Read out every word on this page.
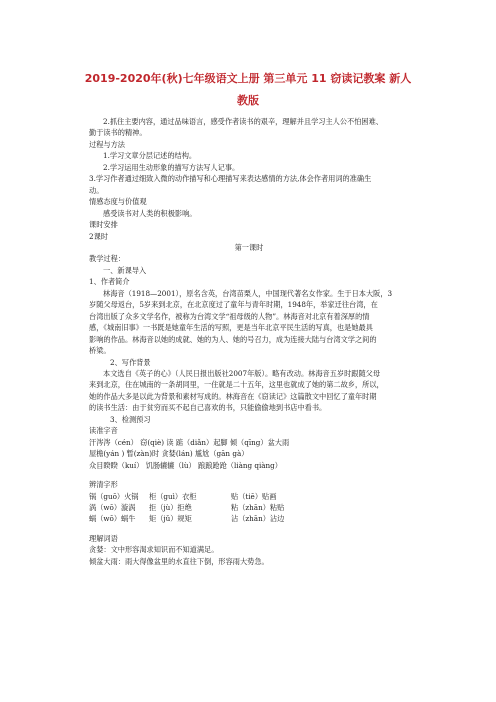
2019-2020年(秋)七年级语文上册 第三单元 11 窃读记教案 新人
教版

2.抓住主要内容，通过品味语言，感受作者读书的艰辛，理解并且学习主人公不怕困难、

勤于读书的精神。

过程与方法

1.学习文章分层记述的结构。

2.学习运用生动形象的描写方法写人记事。

3.学习作者通过细致入微的动作描写和心理描写来表达感情的方法,体会作者用词的准确生

动。

情感态度与价值观

感受读书对人类的积极影响。

课时安排

2课时

第一课时

教学过程：

一、新课导入

1、作者简介

林海音（1918—2001），原名含英，台湾苗栗人，中国现代著名女作家。生于日本大阪，3

岁随父母返台，5岁来到北京，在北京度过了童年与青年时期，1948年，举家迁往台湾，在

台湾出版了众多文学名作，被称为台湾文学“祖母级的人物”。林海音对北京有着深厚的情

感，《城南旧事》一书既是她童年生活的写照，更是当年北京平民生活的写真，也是她最具

影响的作品。林海音以她的成就、她的为人、她的号召力，成为连接大陆与台湾文学之间的

桥梁。

2、写作背景

本文选自《英子的心》（人民日报出版社2007年版）。略有改动。林海音五岁时跟随父母

来到北京，住在城南的一条胡同里，一住就是二十五年，这里也就成了她的第二故乡，所以，

她的作品大多是以此为背景和素材写成的。林海音在《窃读记》这篇散文中回忆了童年时期

的读书生活：由于贫穷而买不起自己喜欢的书，只能偷偷地到书店中看书。

3、检测预习

读准字音

汗涔涔（cén） 窃(qiè) 读 踮（diǎn）起脚 倾（qīng）盆大雨

屋檐(yán ) 暂(zàn)时 贪婪(lán) 尴尬（gān gà）

众目睽睽（kuí） 饥肠辘辘（lù） 踉踉跄跄（liàng qiàng）

辨清字形

锅（guō）火锅	柜（guì）衣柜	贴（tiē）贴画
涡（wō）漩涡	拒（jù）拒绝	粘（zhān）粘贴
蜗（wō）蜗牛	矩（jǔ）规矩	沾（zhān）沾边

理解词语

贪婪：文中形容渴求知识而不知道满足。

倾盆大雨：雨大得像盆里的水直往下倒，形容雨大势急。
